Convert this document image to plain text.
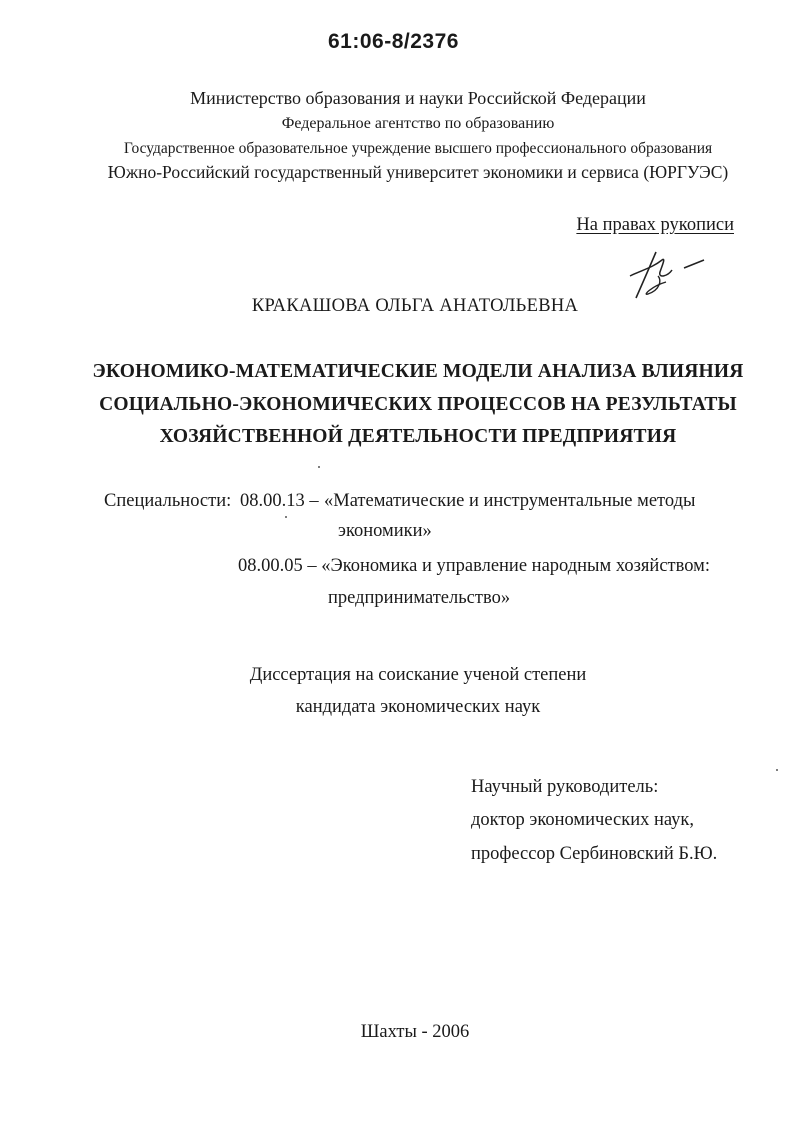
61:06-8/2376
Министерство образования и науки Российской Федерации
Федеральное агентство по образованию
Государственное образовательное учреждение высшего профессионального образования
Южно-Российский государственный университет экономики и сервиса (ЮРГУЭС)
На правах рукописи
КРАКАШОВА ОЛЬГА АНАТОЛЬЕВНА
ЭКОНОМИКО-МАТЕМАТИЧЕСКИЕ МОДЕЛИ АНАЛИЗА ВЛИЯНИЯ
СОЦИАЛЬНО-ЭКОНОМИЧЕСКИХ ПРОЦЕССОВ НА РЕЗУЛЬТАТЫ
ХОЗЯЙСТВЕННОЙ ДЕЯТЕЛЬНОСТИ ПРЕДПРИЯТИЯ
Специальности: 08.00.13 – «Математические и инструментальные методы
экономики»
08.00.05 – «Экономика и управление народным хозяйством:
предпринимательство»
Диссертация на соискание ученой степени
кандидата экономических наук
Научный руководитель:
доктор экономических наук,
профессор Сербиновский Б.Ю.
Шахты - 2006
